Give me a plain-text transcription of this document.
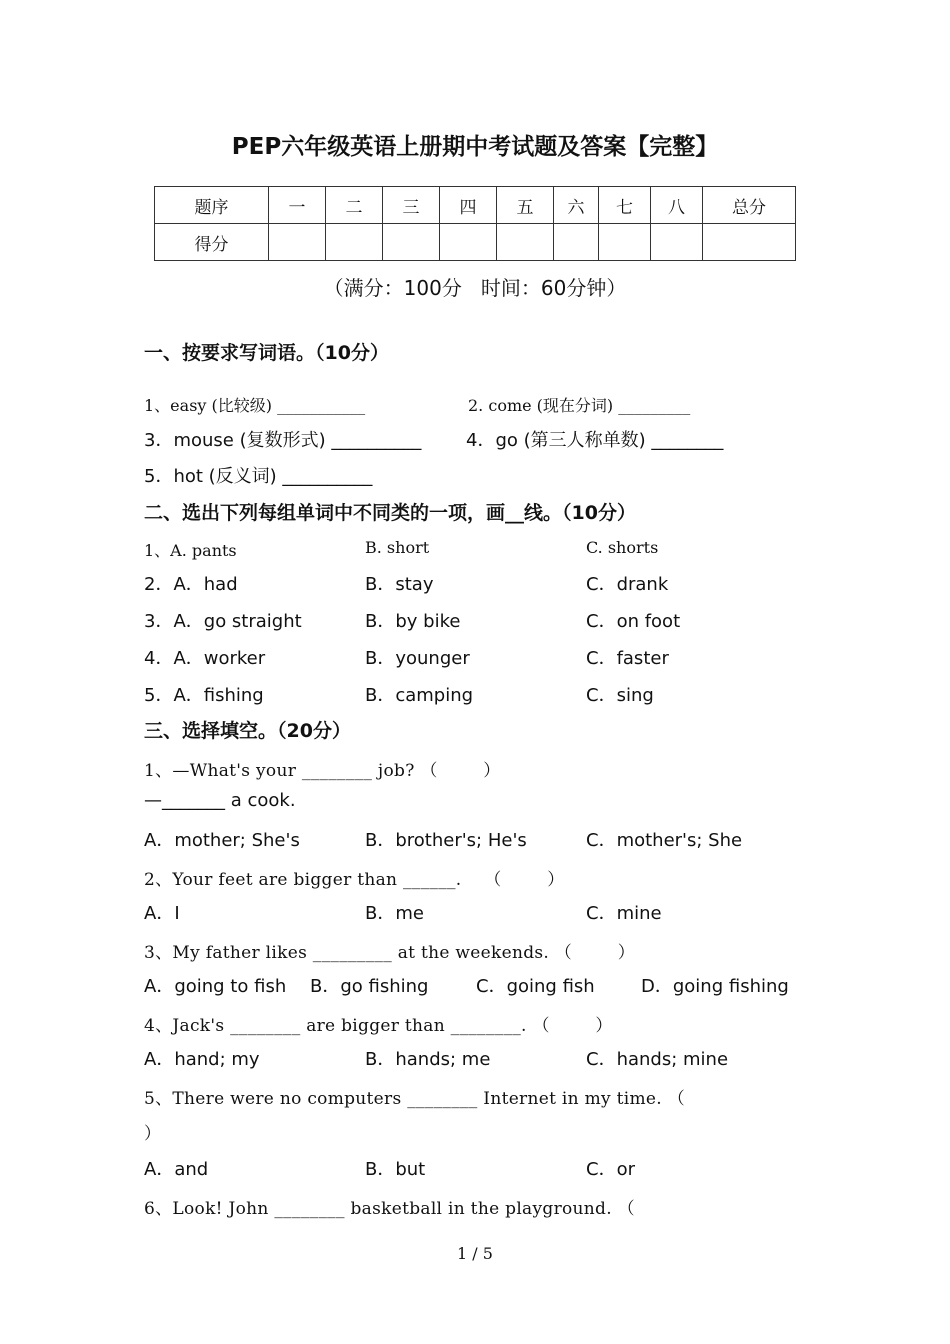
PEP六年级英语上册期中考试题及答案【完整】
题序	一	二	三	四	五	六	七	八	总分
得分									
（满分：100分   时间：60分钟）
一、按要求写词语。（10分）
1、easy (比较级) ___________	2. come (现在分词) _________
3．mouse (复数形式) __________ 4．go (第三人称单数) ________
5．hot (反义词) __________
二、选出下列每组单词中不同类的一项，画__线。（10分）
1、A. pants	B. short	C. shorts
2．A．had	B．stay	C．drank
3．A．go straight	B．by bike	C．on foot
4．A．worker	B．younger	C．faster
5．A．fishing	B．camping	C．sing
三、选择填空。（20分）
1、—What's your ________ job? （        ）
—_______ a cook.
A．mother; She's	B．brother's; He's	C．mother's; She
2、Your feet are bigger than ______.    （        ）
A．I	B．me	C．mine
3、My father likes _________ at the weekends. （        ）
A．going to fish B．go fishing	C．going fish	D．going fishing
4、Jack's ________ are bigger than ________. （        ）
A．hand; my	B．hands; me	C．hands; mine
5、There were no computers ________ Internet in my time. （
）
A．and	B．but	C．or
6、Look! John ________ basketball in the playground. （
1 / 5
